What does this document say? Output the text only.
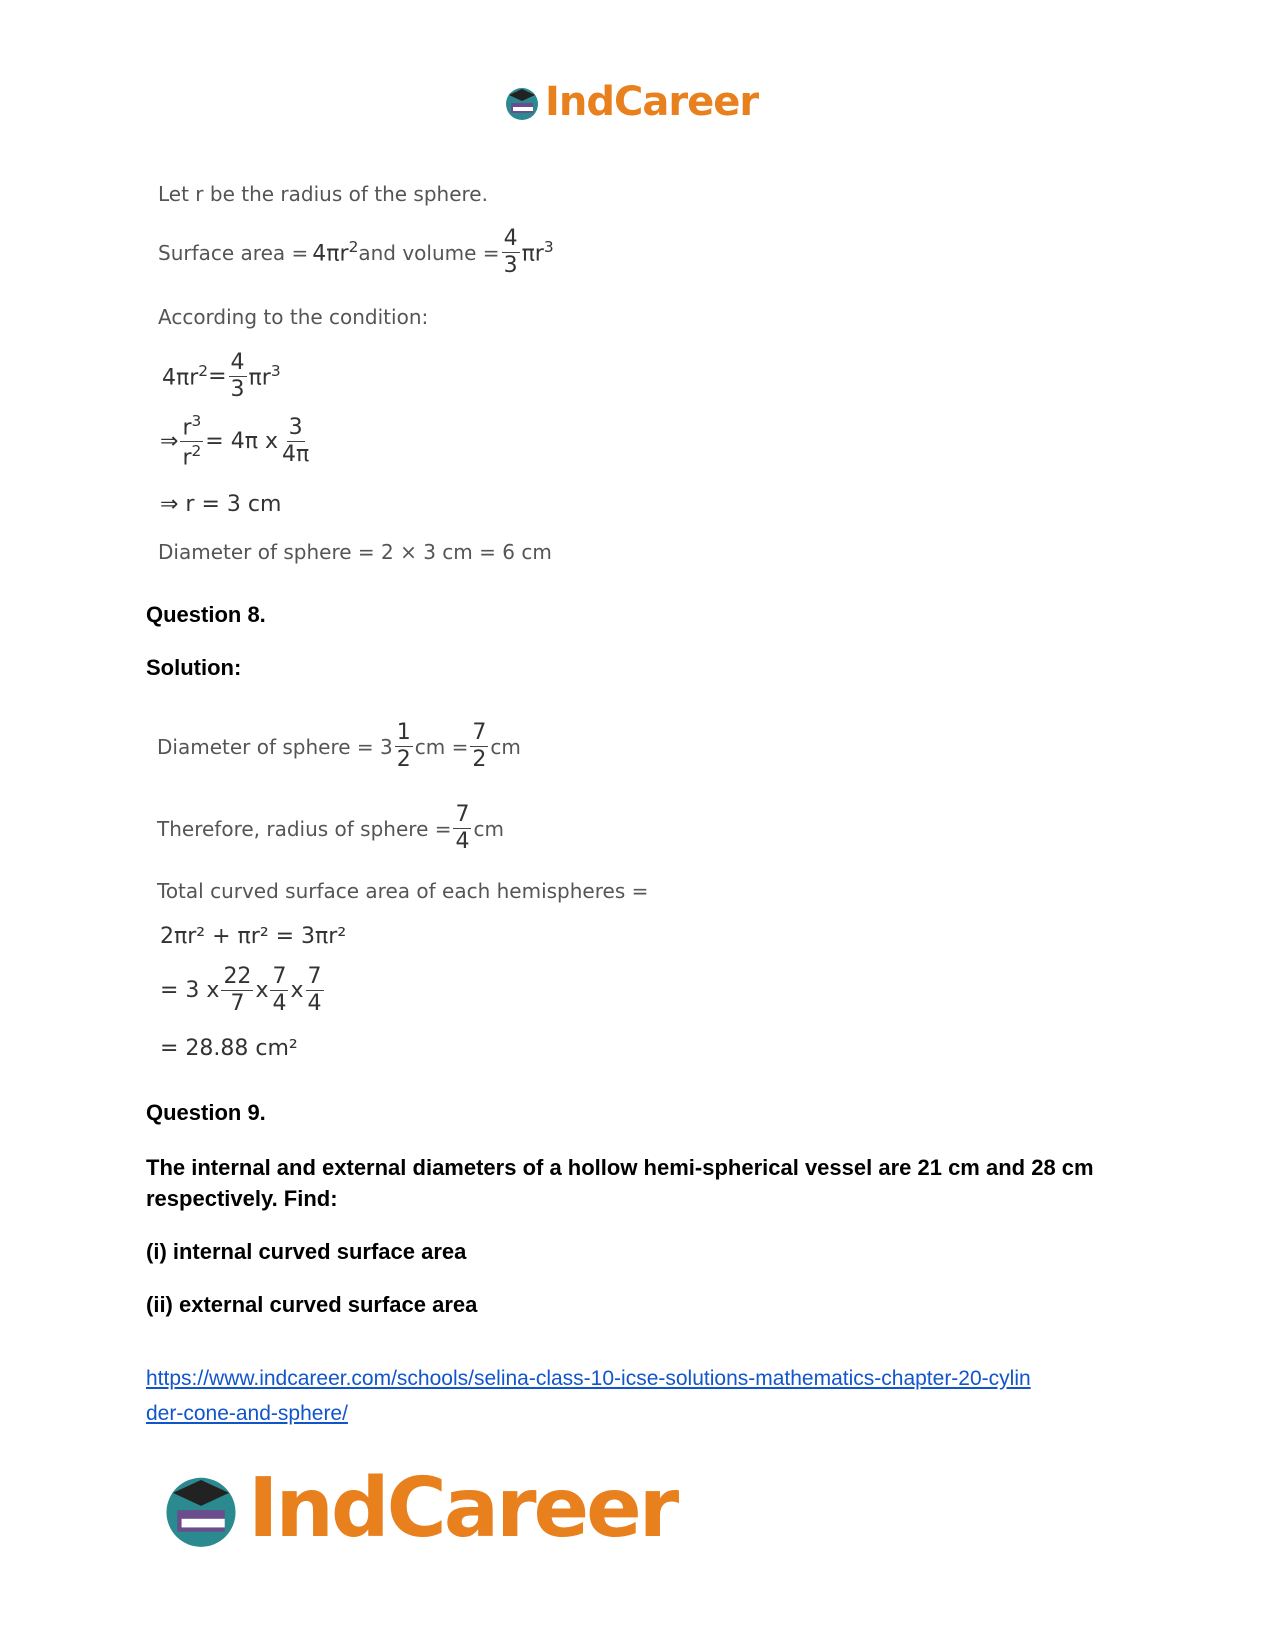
IndCareer
Let r be the radius of the sphere.
Surface area = $4\pi r^2$ and volume = $\frac{4}{3} \pi r^3$
According to the condition:
$4\pi r^2 = \frac{4}{3} \pi r^3$
⇒ $\frac{r^3}{r^2} = 4\pi$ x $\frac{3}{4\pi}$
⇒ r = 3 cm
Diameter of sphere = 2 × 3 cm = 6 cm
Question 8.
Solution:
Diameter of sphere = $3 \frac{1}{2}$ cm = $\frac{7}{2}$ cm
Therefore, radius of sphere = $\frac{7}{4}$ cm
Total curved surface area of each hemispheres =
2πr² + πr² = 3πr²
= 3 x $\frac{22}{7}$ x $\frac{7}{4}$ x $\frac{7}{4}$
= 28.88 cm²
Question 9.
The internal and external diameters of a hollow hemi-spherical vessel are 21 cm and 28 cm respectively. Find:
(i) internal curved surface area
(ii) external curved surface area
https://www.indcareer.com/schools/selina-class-10-icse-solutions-mathematics-chapter-20-cylin
der-cone-and-sphere/
IndCareer
